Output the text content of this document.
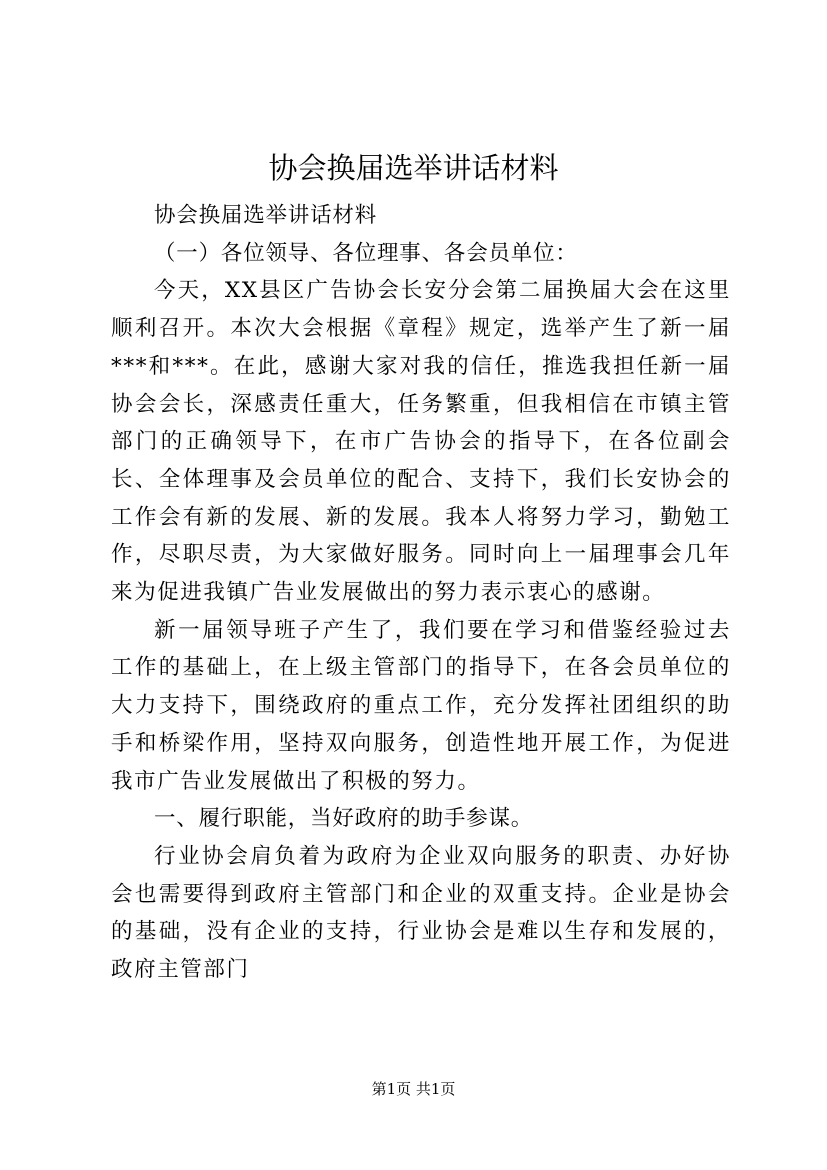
协会换届选举讲话材料

协会换届选举讲话材料

（一）各位领导、各位理事、各会员单位：

今天，XX县区广告协会长安分会第二届换届大会在这里顺利召开。本次大会根据《章程》规定，选举产生了新一届***和***。在此，感谢大家对我的信任，推选我担任新一届协会会长，深感责任重大，任务繁重，但我相信在市镇主管部门的正确领导下，在市广告协会的指导下，在各位副会长、全体理事及会员单位的配合、支持下，我们长安协会的工作会有新的发展、新的发展。我本人将努力学习，勤勉工作，尽职尽责，为大家做好服务。同时向上一届理事会几年来为促进我镇广告业发展做出的努力表示衷心的感谢。

新一届领导班子产生了，我们要在学习和借鉴经验过去工作的基础上，在上级主管部门的指导下，在各会员单位的大力支持下，围绕政府的重点工作，充分发挥社团组织的助手和桥梁作用，坚持双向服务，创造性地开展工作，为促进我市广告业发展做出了积极的努力。

一、履行职能，当好政府的助手参谋。

行业协会肩负着为政府为企业双向服务的职责、办好协会也需要得到政府主管部门和企业的双重支持。企业是协会的基础，没有企业的支持，行业协会是难以生存和发展的，政府主管部门

第1页 共1页
